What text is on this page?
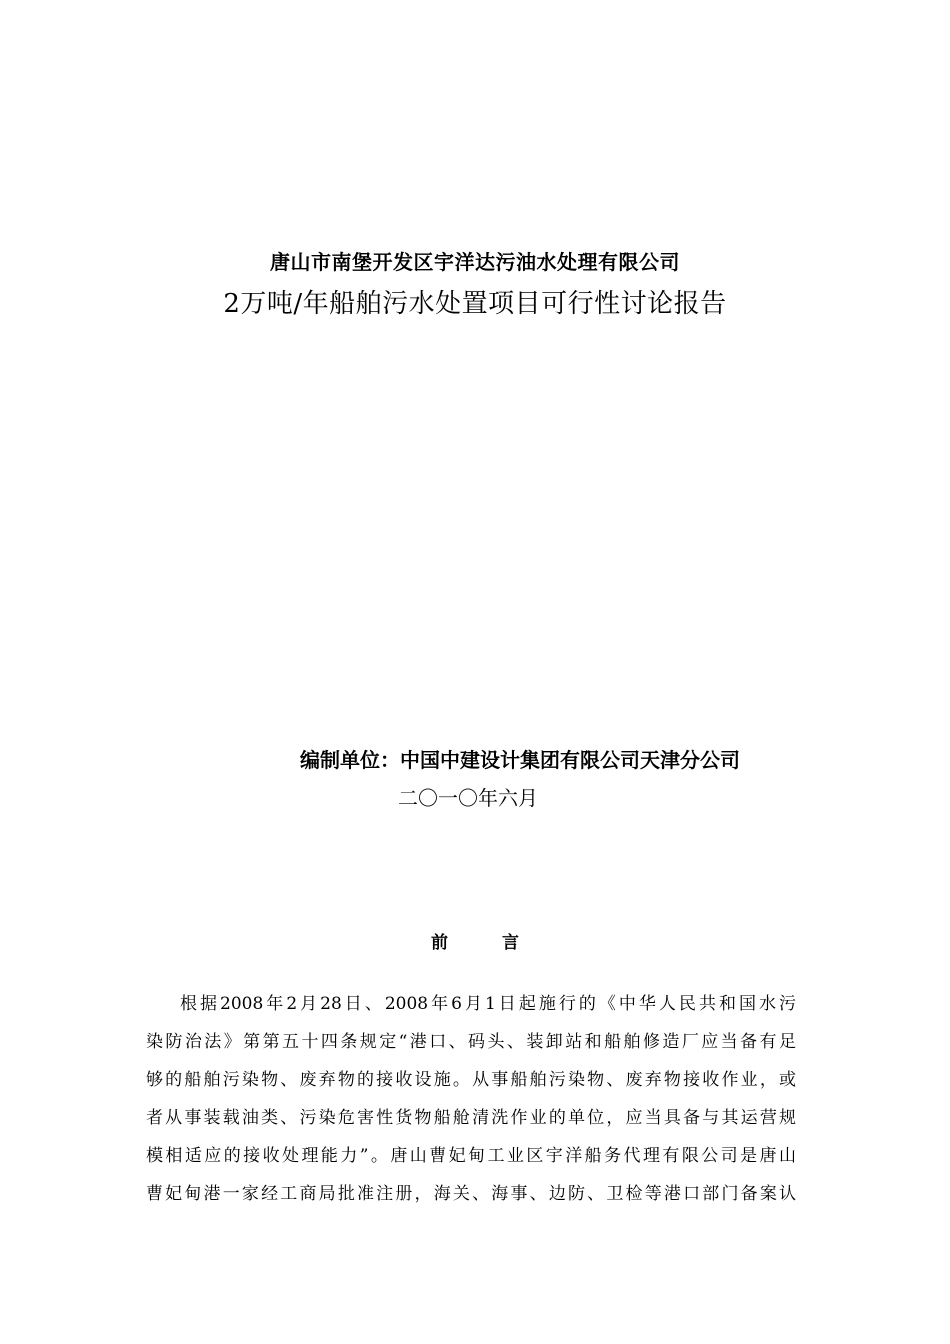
唐山市南堡开发区宇洋达污油水处理有限公司
2万吨/年船舶污水处置项目可行性讨论报告
编制单位：中国中建设计集团有限公司天津分公司
二〇一〇年六月
前 言
根据2008年2月28日、2008年6月1日起施行的《中华人民共和国水污
染防治法》第第五十四条规定“港口、码头、装卸站和船舶修造厂应当备有足
够的船舶污染物、废弃物的接收设施。从事船舶污染物、废弃物接收作业，或
者从事装载油类、污染危害性货物船舱清洗作业的单位，应当具备与其运营规
模相适应的接收处理能力”。唐山曹妃甸工业区宇洋船务代理有限公司是唐山
曹妃甸港一家经工商局批准注册，海关、海事、边防、卫检等港口部门备案认
